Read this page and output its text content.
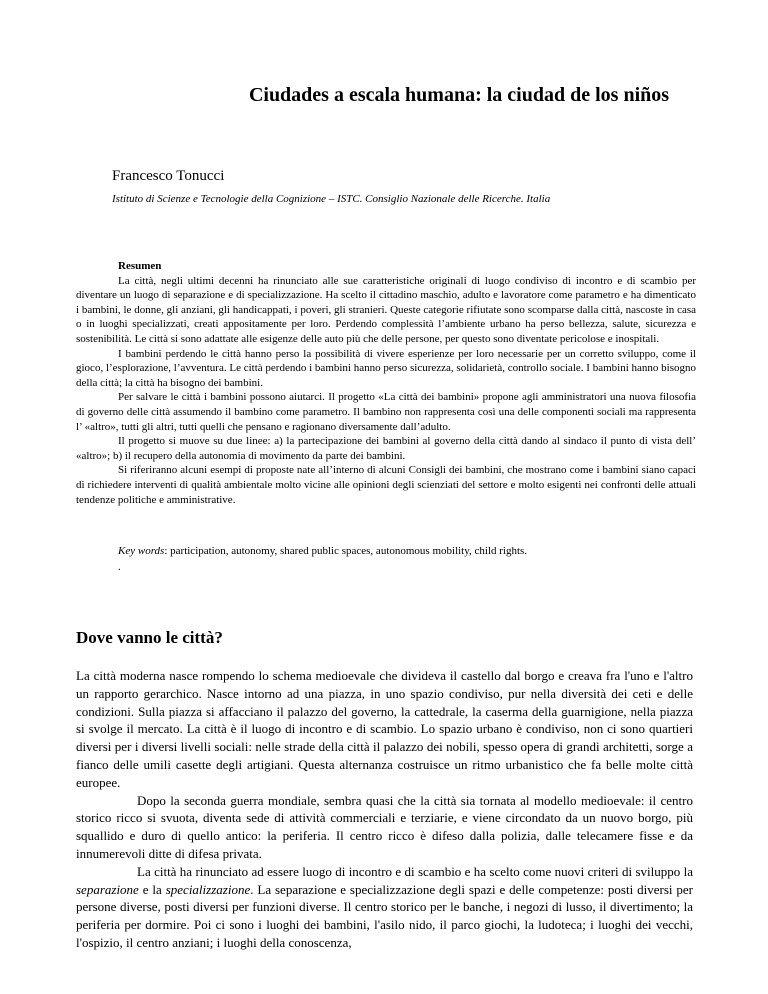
Ciudades a escala humana: la ciudad de los niños
Francesco Tonucci
Istituto di Scienze e Tecnologie della Cognizione – ISTC. Consiglio Nazionale delle Ricerche. Italia
Resumen

La città, negli ultimi decenni ha rinunciato alle sue caratteristiche originali di luogo condiviso di incontro e di scambio per diventare un luogo di separazione e di specializzazione. Ha scelto il cittadino maschio, adulto e lavoratore come parametro e ha dimenticato i bambini, le donne, gli anziani, gli handicappati, i poveri, gli stranieri. Queste categorie rifiutate sono scomparse dalla città, nascoste in casa o in luoghi specializzati, creati appositamente per loro. Perdendo complessità l’ambiente urbano ha perso bellezza, salute, sicurezza e sostenibilità. Le città si sono adattate alle esigenze delle auto più che delle persone, per questo sono diventate pericolose e inospitali.

I bambini perdendo le città hanno perso la possibilità di vivere esperienze per loro necessarie per un corretto sviluppo, come il gioco, l’esplorazione, l’avventura. Le città perdendo i bambini hanno perso sicurezza, solidarietà, controllo sociale. I bambini hanno bisogno della città; la città ha bisogno dei bambini.

Per salvare le città i bambini possono aiutarci. Il progetto «La città dei bambini» propone agli amministratori una nuova filosofia di governo delle città assumendo il bambino come parametro. Il bambino non rappresenta così una delle componenti sociali ma rappresenta l’ «altro», tutti gli altri, tutti quelli che pensano e ragionano diversamente dall’adulto.

Il progetto si muove su due linee: a) la partecipazione dei bambini al governo della città dando al sindaco il punto di vista dell’ «altro»; b) il recupero della autonomia di movimento da parte dei bambini.

Si riferiranno alcuni esempi di proposte nate all’interno di alcuni Consigli dei bambini, che mostrano come i bambini siano capaci di richiedere interventi di qualità ambientale molto vicine alle opinioni degli scienziati del settore e molto esigenti nei confronti delle attuali tendenze politiche e amministrative.

Key words: participation, autonomy, shared public spaces, autonomous mobility, child rights.
.
Dove vanno le città?

La città moderna nasce rompendo lo schema medioevale che divideva il castello dal borgo e creava fra l'uno e l'altro un rapporto gerarchico. Nasce intorno ad una piazza, in uno spazio condiviso, pur nella diversità dei ceti e delle condizioni. Sulla piazza si affacciano il palazzo del governo, la cattedrale, la caserma della guarnigione, nella piazza si svolge il mercato. La città è il luogo di incontro e di scambio. Lo spazio urbano è condiviso, non ci sono quartieri diversi per i diversi livelli sociali: nelle strade della città il palazzo dei nobili, spesso opera di grandi architetti, sorge a fianco delle umili casette degli artigiani. Questa alternanza costruisce un ritmo urbanistico che fa belle molte città europee.

Dopo la seconda guerra mondiale, sembra quasi che la città sia tornata al modello medioevale: il centro storico ricco si svuota, diventa sede di attività commerciali e terziarie, e viene circondato da un nuovo borgo, più squallido e duro di quello antico: la periferia. Il centro ricco è difeso dalla polizia, dalle telecamere fisse e da innumerevoli ditte di difesa privata.

La città ha rinunciato ad essere luogo di incontro e di scambio e ha scelto come nuovi criteri di sviluppo la separazione e la specializzazione. La separazione e specializzazione degli spazi e delle competenze: posti diversi per persone diverse, posti diversi per funzioni diverse. Il centro storico per le banche, i negozi di lusso, il divertimento; la periferia per dormire. Poi ci sono i luoghi dei bambini, l'asilo nido, il parco giochi, la ludoteca; i luoghi dei vecchi, l'ospizio, il centro anziani; i luoghi della conoscenza,
